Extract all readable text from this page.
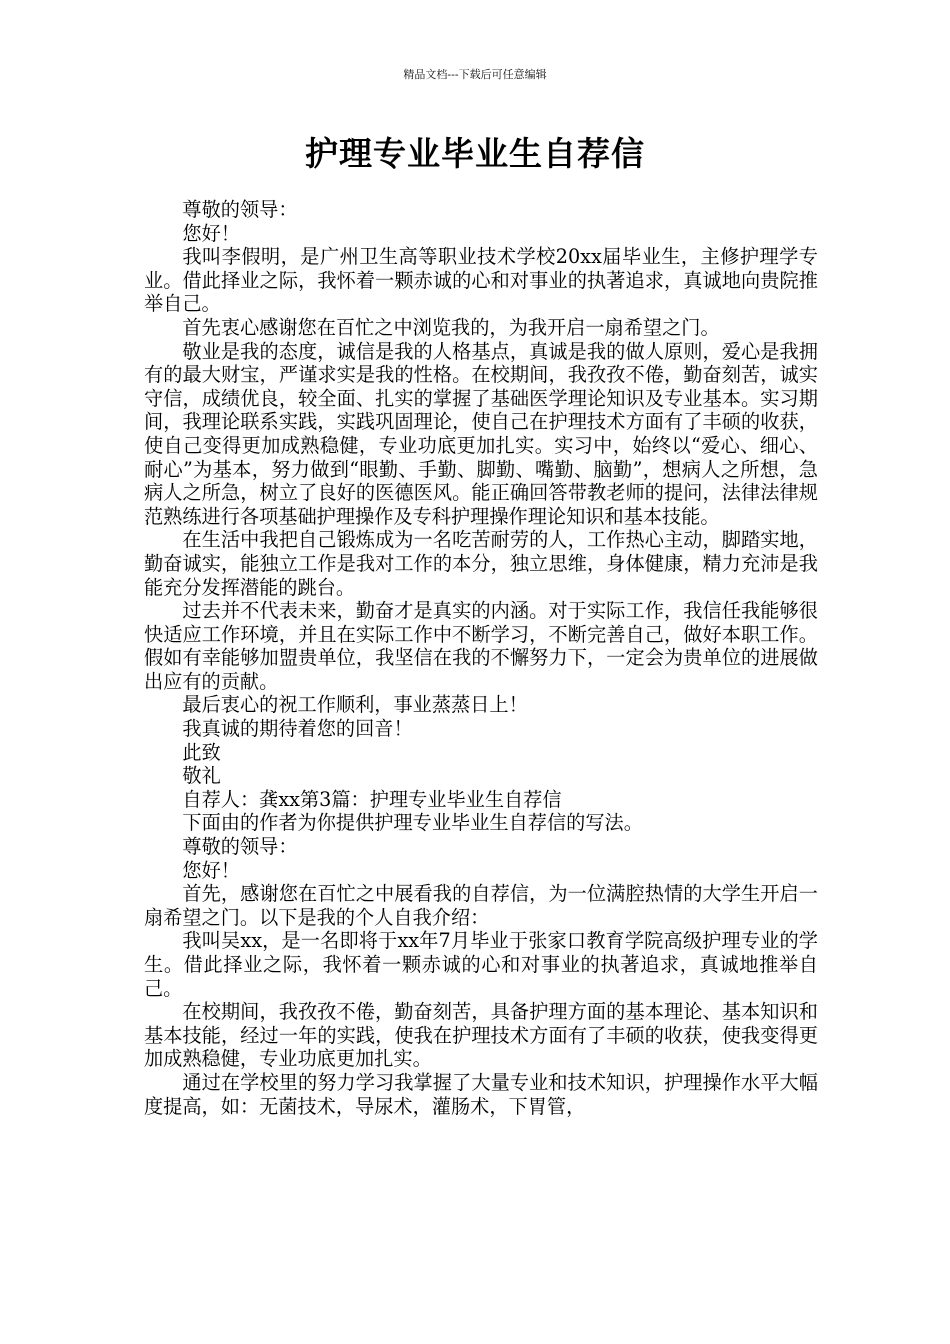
精品文档---下载后可任意编辑
护理专业毕业生自荐信

尊敬的领导：

您好！

我叫李假明，是广州卫生高等职业技术学校20xx届毕业生，主修护理学专业。借此择业之际，我怀着一颗赤诚的心和对事业的执著追求，真诚地向贵院推举自己。

首先衷心感谢您在百忙之中浏览我的，为我开启一扇希望之门。

敬业是我的态度，诚信是我的人格基点，真诚是我的做人原则，爱心是我拥有的最大财宝，严谨求实是我的性格。在校期间，我孜孜不倦，勤奋刻苦，诚实守信，成绩优良，较全面、扎实的掌握了基础医学理论知识及专业基本。实习期间，我理论联系实践，实践巩固理论，使自己在护理技术方面有了丰硕的收获，使自己变得更加成熟稳健，专业功底更加扎实。实习中，始终以“爱心、细心、耐心”为基本，努力做到“眼勤、手勤、脚勤、嘴勤、脑勤”，想病人之所想，急病人之所急，树立了良好的医德医风。能正确回答带教老师的提问，法律法律规范熟练进行各项基础护理操作及专科护理操作理论知识和基本技能。

在生活中我把自己锻炼成为一名吃苦耐劳的人，工作热心主动，脚踏实地，勤奋诚实，能独立工作是我对工作的本分，独立思维，身体健康，精力充沛是我能充分发挥潜能的跳台。

过去并不代表未来，勤奋才是真实的内涵。对于实际工作，我信任我能够很快适应工作环境，并且在实际工作中不断学习，不断完善自己，做好本职工作。假如有幸能够加盟贵单位，我坚信在我的不懈努力下，一定会为贵单位的进展做出应有的贡献。

最后衷心的祝工作顺利，事业蒸蒸日上！

我真诚的期待着您的回音！

此致

敬礼

自荐人：龚xx第3篇：护理专业毕业生自荐信

下面由的作者为你提供护理专业毕业生自荐信的写法。

尊敬的领导：

您好！

首先，感谢您在百忙之中展看我的自荐信，为一位满腔热情的大学生开启一扇希望之门。以下是我的个人自我介绍：

我叫吴xx，是一名即将于xx年7月毕业于张家口教育学院高级护理专业的学生。借此择业之际，我怀着一颗赤诚的心和对事业的执著追求，真诚地推举自己。

在校期间，我孜孜不倦，勤奋刻苦，具备护理方面的基本理论、基本知识和基本技能，经过一年的实践，使我在护理技术方面有了丰硕的收获，使我变得更加成熟稳健，专业功底更加扎实。

通过在学校里的努力学习我掌握了大量专业和技术知识，护理操作水平大幅度提高，如：无菌技术，导尿术，灌肠术，下胃管，
